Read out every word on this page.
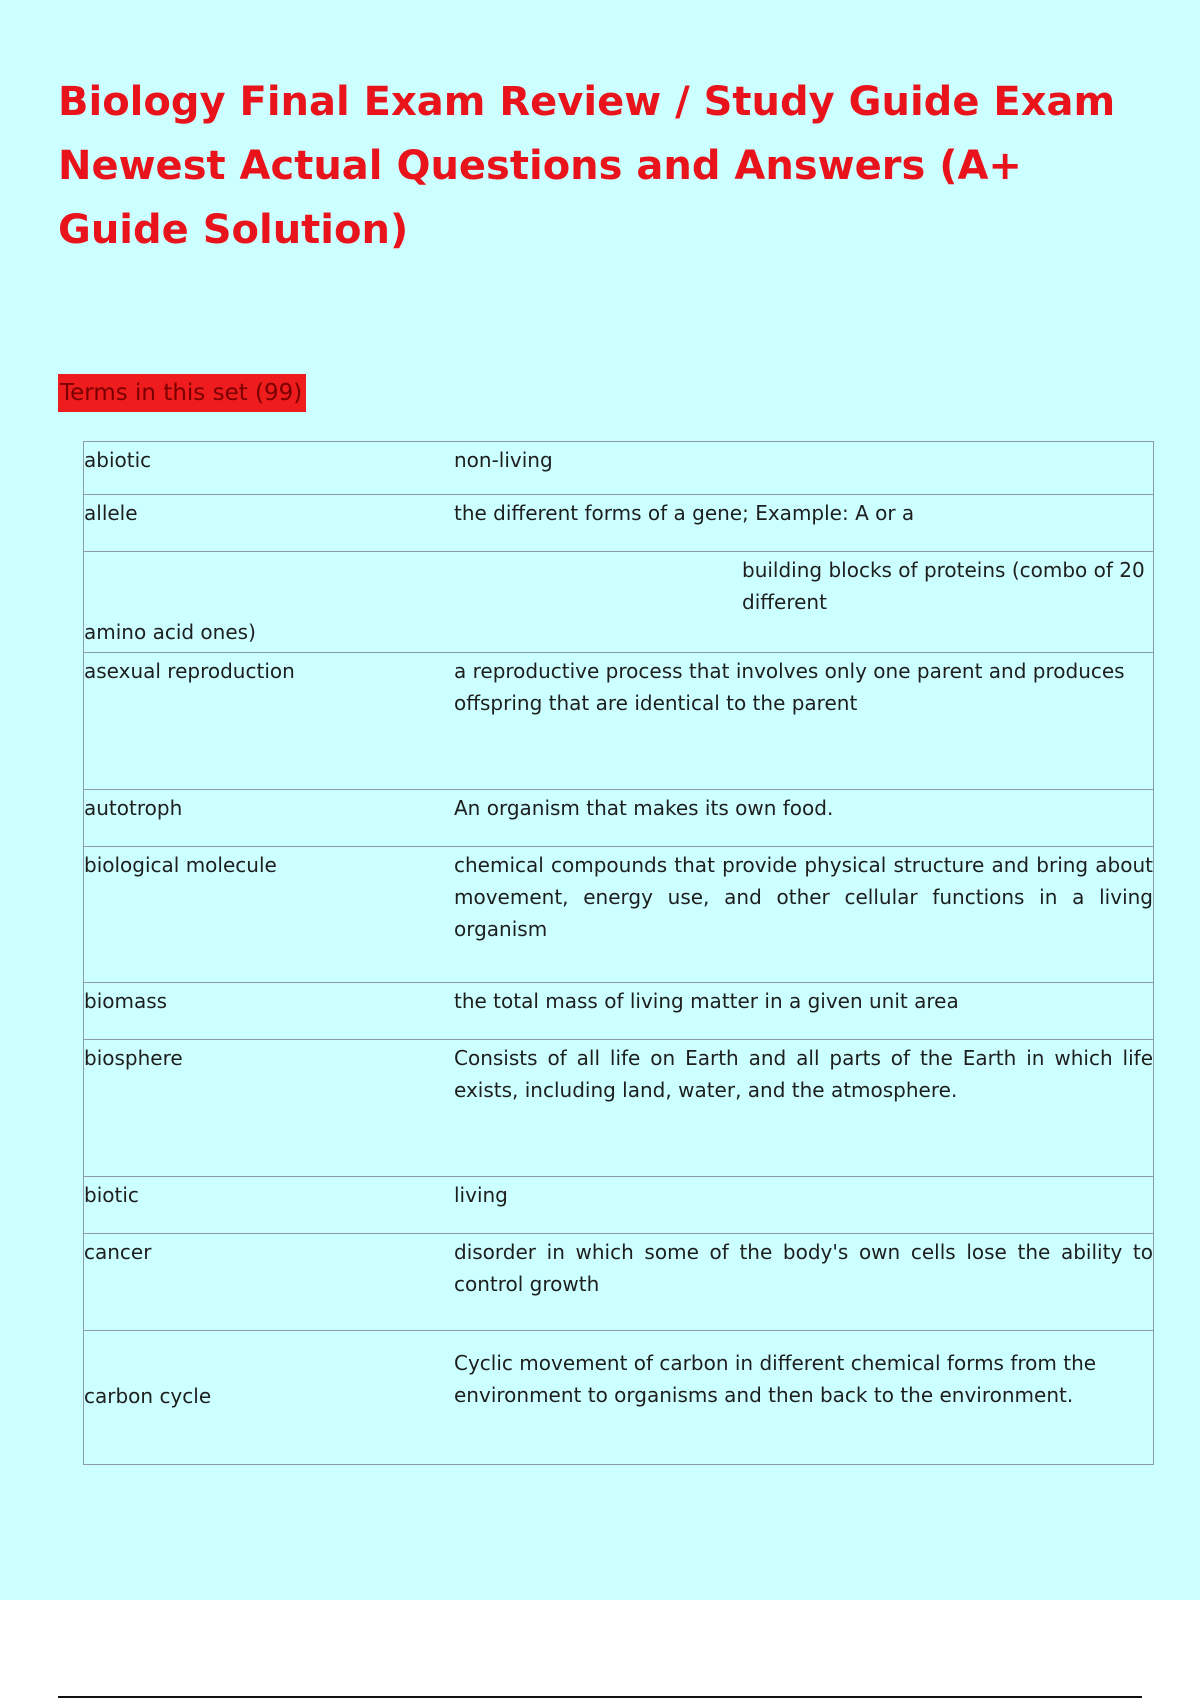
Biology Final Exam Review / Study Guide Exam Newest Actual Questions and Answers (A+ Guide Solution)
Terms in this set (99)
abiotic	non-living
allele	the different forms of a gene; Example: A or a

amino acid ones)	building blocks of proteins (combo of 20 different

asexual reproduction	a reproductive process that involves only one parent and produces offspring that are identical to the parent
autotroph	An organism that makes its own food.
biological molecule	chemical compounds that provide physical structure and bring about movement, energy use, and other cellular functions in a living organism
biomass	the total mass of living matter in a given unit area
biosphere	Consists of all life on Earth and all parts of the Earth in which life exists, including land, water, and the atmosphere.
biotic	living
cancer	disorder in which some of the body's own cells lose the ability to control growth

carbon cycle	Cyclic movement of carbon in different chemical forms from the environment to organisms and then back to the environment.
